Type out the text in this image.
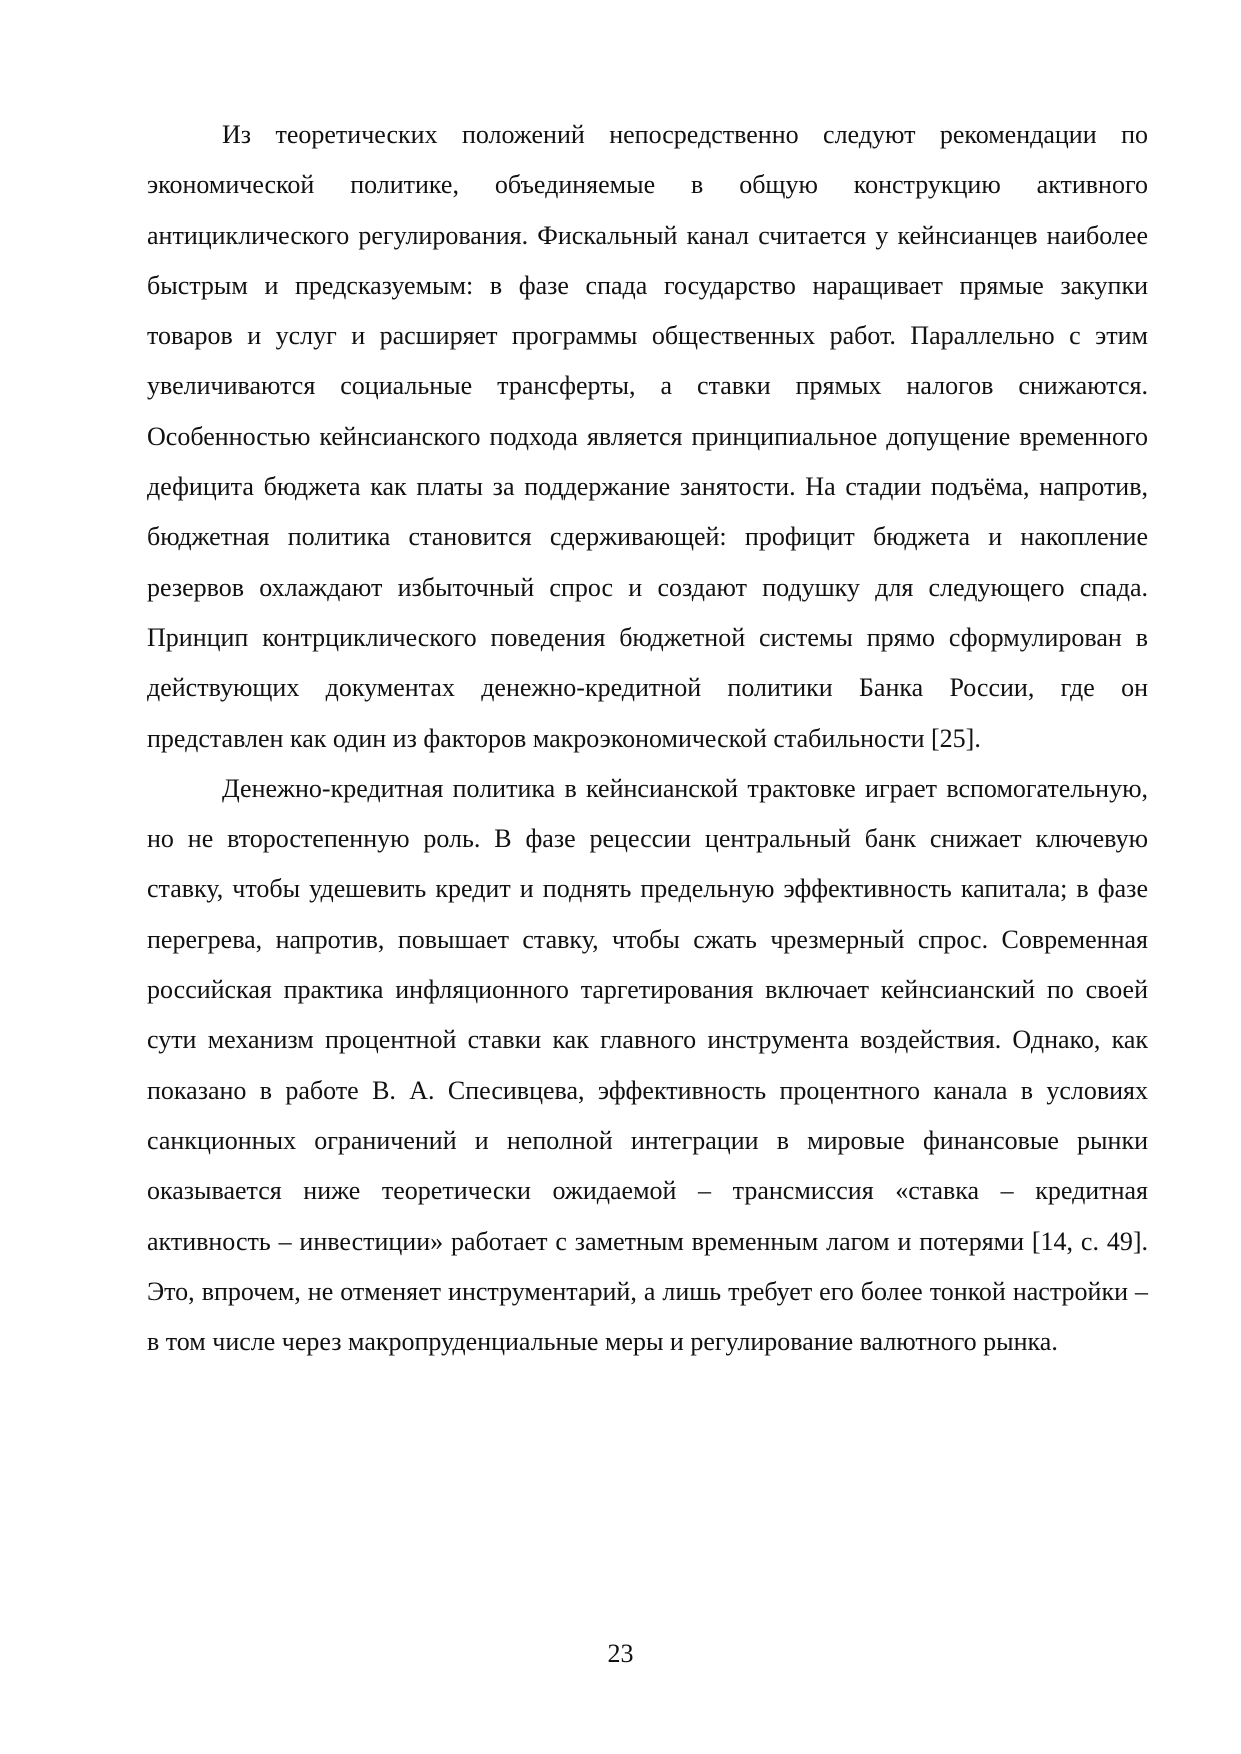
Из теоретических положений непосредственно следуют рекомендации по экономической политике, объединяемые в общую конструкцию активного антициклического регулирования. Фискальный канал считается у кейнсианцев наиболее быстрым и предсказуемым: в фазе спада государство наращивает прямые закупки товаров и услуг и расширяет программы общественных работ. Параллельно с этим увеличиваются социальные трансферты, а ставки прямых налогов снижаются. Особенностью кейнсианского подхода является принципиальное допущение временного дефицита бюджета как платы за поддержание занятости. На стадии подъёма, напротив, бюджетная политика становится сдерживающей: профицит бюджета и накопление резервов охлаждают избыточный спрос и создают подушку для следующего спада. Принцип контрциклического поведения бюджетной системы прямо сформулирован в действующих документах денежно-кредитной политики Банка России, где он представлен как один из факторов макроэкономической стабильности [25].

Денежно-кредитная политика в кейнсианской трактовке играет вспомогательную, но не второстепенную роль. В фазе рецессии центральный банк снижает ключевую ставку, чтобы удешевить кредит и поднять предельную эффективность капитала; в фазе перегрева, напротив, повышает ставку, чтобы сжать чрезмерный спрос. Современная российская практика инфляционного таргетирования включает кейнсианский по своей сути механизм процентной ставки как главного инструмента воздействия. Однако, как показано в работе В. А. Спесивцева, эффективность процентного канала в условиях санкционных ограничений и неполной интеграции в мировые финансовые рынки оказывается ниже теоретически ожидаемой – трансмиссия «ставка – кредитная активность – инвестиции» работает с заметным временным лагом и потерями [14, с. 49]. Это, впрочем, не отменяет инструментарий, а лишь требует его более тонкой настройки – в том числе через макропруденциальные меры и регулирование валютного рынка.

23
